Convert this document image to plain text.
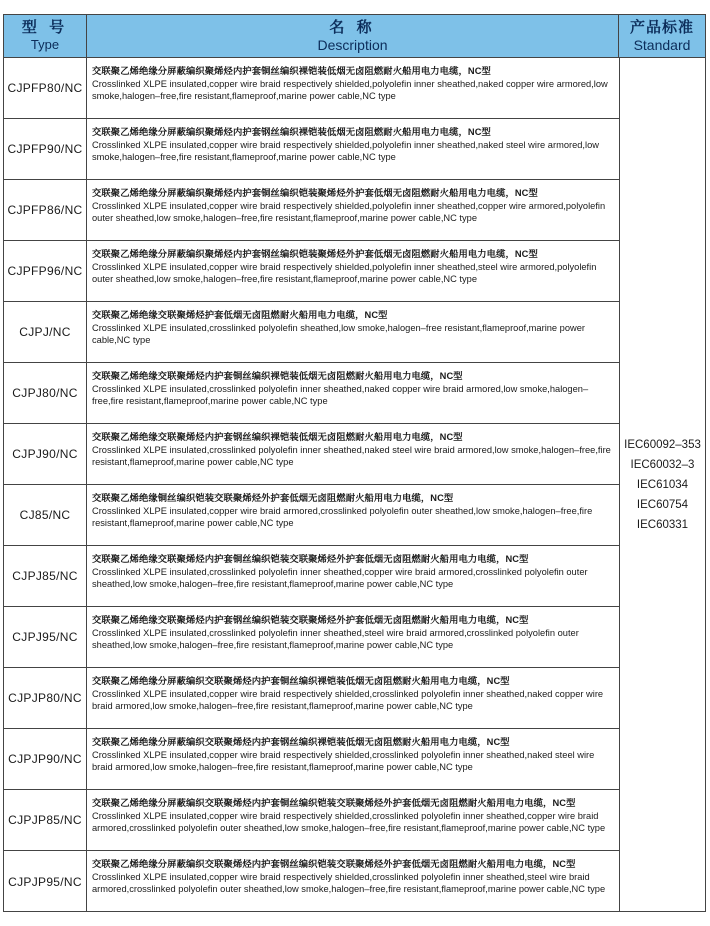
型 号
Type
名 称
Description
产品标准
Standard
CJPFP80/NC
交联聚乙烯绝缘分屏蔽编织聚烯烃内护套铜丝编织裸铠装低烟无卤阻燃耐火船用电力电缆，NC型
Crosslinked XLPE insulated,copper wire braid respectively shielded,polyolefin inner sheathed,naked copper wire armored,low smoke,halogen–free,fire resistant,flameproof,marine power cable,NC type
CJPFP90/NC
交联聚乙烯绝缘分屏蔽编织聚烯烃内护套钢丝编织裸铠装低烟无卤阻燃耐火船用电力电缆，NC型
Crosslinked XLPE insulated,copper wire braid respectively shielded,polyolefin inner sheathed,naked steel wire armored,low smoke,halogen–free,fire resistant,flameproof,marine power cable,NC type
CJPFP86/NC
交联聚乙烯绝缘分屏蔽编织聚烯烃内护套铜丝编织铠装聚烯烃外护套低烟无卤阻燃耐火船用电力电缆，NC型
Crosslinked XLPE insulated,copper wire braid respectively shielded,polyolefin inner sheathed,copper wire armored,polyolefin outer sheathed,low smoke,halogen–free,fire resistant,flameproof,marine power cable,NC type
CJPFP96/NC
交联聚乙烯绝缘分屏蔽编织聚烯烃内护套钢丝编织铠装聚烯烃外护套低烟无卤阻燃耐火船用电力电缆，NC型
Crosslinked XLPE insulated,copper wire braid respectively shielded,polyolefin inner sheathed,steel wire armored,polyolefin outer sheathed,low smoke,halogen–free,fire resistant,flameproof,marine power cable,NC type
CJPJ/NC
交联聚乙烯绝缘交联聚烯烃护套低烟无卤阻燃耐火船用电力电缆，NC型
Crosslinked XLPE insulated,crosslinked polyolefin sheathed,low smoke,halogen–free resistant,flameproof,marine power cable,NC type
CJPJ80/NC
交联聚乙烯绝缘交联聚烯烃内护套铜丝编织裸铠装低烟无卤阻燃耐火船用电力电缆，NC型
Crosslinked XLPE insulated,crosslinked polyolefin inner sheathed,naked copper wire braid armored,low smoke,halogen–free,fire resistant,flameproof,marine power cable,NC type
CJPJ90/NC
交联聚乙烯绝缘交联聚烯烃内护套钢丝编织裸铠装低烟无卤阻燃耐火船用电力电缆，NC型
Crosslinked XLPE insulated,crosslinked polyolefin inner sheathed,naked steel wire braid armored,low smoke,halogen–free,fire resistant,flameproof,marine power cable,NC type
CJ85/NC
交联聚乙烯绝缘铜丝编织铠装交联聚烯烃外护套低烟无卤阻燃耐火船用电力电缆，NC型
Crosslinked XLPE insulated,copper wire braid armored,crosslinked polyolefin outer sheathed,low smoke,halogen–free,fire resistant,flameproof,marine power cable,NC type
CJPJ85/NC
交联聚乙烯绝缘交联聚烯烃内护套铜丝编织铠装交联聚烯烃外护套低烟无卤阻燃耐火船用电力电缆，NC型
Crosslinked XLPE insulated,crosslinked polyolefin inner sheathed,copper wire braid armored,crosslinked polyolefin outer sheathed,low smoke,halogen–free,fire resistant,flameproof,marine power cable,NC type
CJPJ95/NC
交联聚乙烯绝缘交联聚烯烃内护套钢丝编织铠装交联聚烯烃外护套低烟无卤阻燃耐火船用电力电缆，NC型
Crosslinked XLPE insulated,crosslinked polyolefin inner sheathed,steel wire braid armored,crosslinked polyolefin outer sheathed,low smoke,halogen–free,fire resistant,flameproof,marine power cable,NC type
CJPJP80/NC
交联聚乙烯绝缘分屏蔽编织交联聚烯烃内护套铜丝编织裸铠装低烟无卤阻燃耐火船用电力电缆，NC型
Crosslinked XLPE insulated,copper wire braid respectively shielded,crosslinked polyolefin inner sheathed,naked copper wire braid armored,low smoke,halogen–free,fire resistant,flameproof,marine power cable,NC type
CJPJP90/NC
交联聚乙烯绝缘分屏蔽编织交联聚烯烃内护套钢丝编织裸铠装低烟无卤阻燃耐火船用电力电缆，NC型
Crosslinked XLPE insulated,copper wire braid respectively shielded,crosslinked polyolefin inner sheathed,naked steel wire braid armored,low smoke,halogen–free,fire resistant,flameproof,marine power cable,NC type
CJPJP85/NC
交联聚乙烯绝缘分屏蔽编织交联聚烯烃内护套铜丝编织铠装交联聚烯烃外护套低烟无卤阻燃耐火船用电力电缆，NC型
Crosslinked XLPE insulated,copper wire braid respectively shielded,crosslinked polyolefin inner sheathed,copper wire braid armored,crosslinked polyolefin outer sheathed,low smoke,halogen–free,fire resistant,flameproof,marine power cable,NC type
CJPJP95/NC
交联聚乙烯绝缘分屏蔽编织交联聚烯烃内护套钢丝编织铠装交联聚烯烃外护套低烟无卤阻燃耐火船用电力电缆，NC型
Crosslinked XLPE insulated,copper wire braid respectively shielded,crosslinked polyolefin inner sheathed,steel wire braid armored,crosslinked polyolefin outer sheathed,low smoke,halogen–free,fire resistant,flameproof,marine power cable,NC type
IEC60092–353
IEC60032–3
IEC61034
IEC60754
IEC60331
